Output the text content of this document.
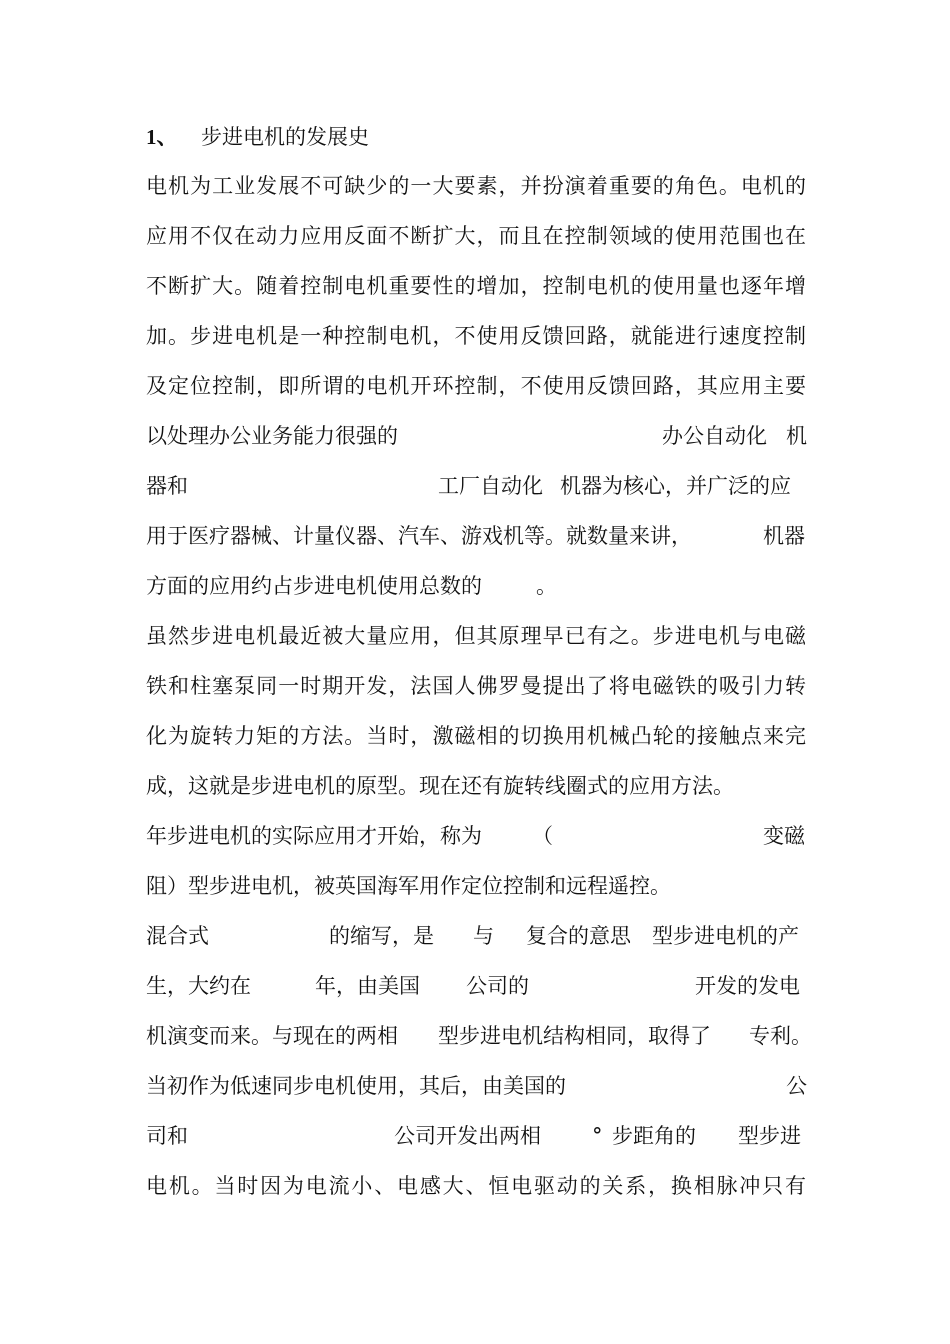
1、 步进电机的发展史
电机为工业发展不可缺少的一大要素，并扮演着重要的角色。电机的
应用不仅在动力应用反面不断扩大，而且在控制领域的使用范围也在
不断扩大。随着控制电机重要性的增加，控制电机的使用量也逐年增
加。步进电机是一种控制电机，不使用反馈回路，就能进行速度控制
及定位控制，即所谓的电机开环控制，不使用反馈回路，其应用主要
以处理办公业务能力很强的	办公自动化 机
器和	工厂自动化 机器为核心，并广泛的应
用于医疗器械、计量仪器、汽车、游戏机等。就数量来讲，	机器
方面的应用约占步进电机使用总数的	。
虽然步进电机最近被大量应用，但其原理早已有之。步进电机与电磁
铁和柱塞泵同一时期开发，法国人佛罗曼提出了将电磁铁的吸引力转
化为旋转力矩的方法。当时，激磁相的切换用机械凸轮的接触点来完
成，这就是步进电机的原型。现在还有旋转线圈式的应用方法。
年步进电机的实际应用才开始，称为 （	变磁
阻）型步进电机，被英国海军用作定位控制和远程遥控。
混合式	的缩写，是 与 复合的意思 型步进电机的产
生，大约在	年，由美国 公司的	开发的发电
机演变而来。与现在的两相 型步进电机结构相同，取得了 专利。
当初作为低速同步电机使用，其后，由美国的	公
司和	公司开发出两相 ° 步距角的 型步进
电机。当时因为电流小、电感大、恒电驱动的关系，换相脉冲只有
